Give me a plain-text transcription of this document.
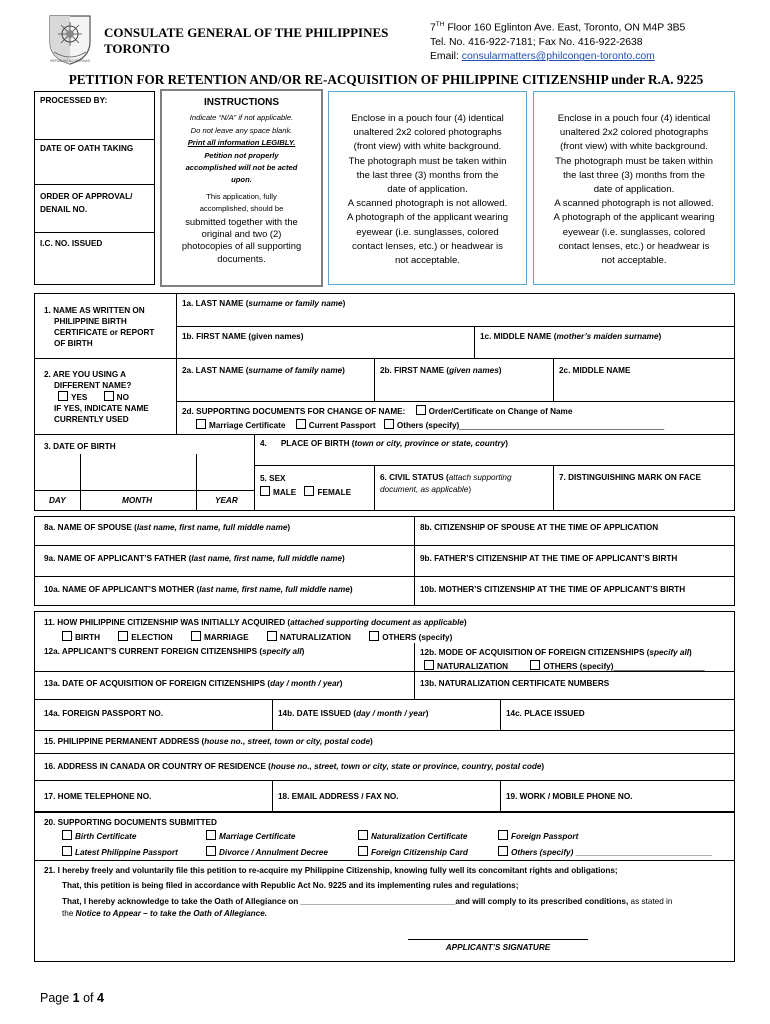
REPUBLIKA NG PILIPINAS
CONSULATE GENERAL OF THE PHILIPPINES
TORONTO
7TH Floor 160 Eglinton Ave. East, Toronto, ON M4P 3B5
Tel. No. 416-922-7181; Fax No. 416-922-2638
Email: consularmatters@philcongen-toronto.com
PETITION FOR RETENTION AND/OR RE-ACQUISITION OF PHILIPPINE CITIZENSHIP under R.A. 9225
PROCESSED BY:
DATE OF OATH TAKING
ORDER OF APPROVAL/
DENAIL NO.
I.C. NO. ISSUED
INSTRUCTIONS
Indicate “N/A” if not applicable.
Do not leave any space blank.
Print all information LEGIBLY.
Petition not properly
accomplished will not be acted
upon.
This application, fully
accomplished, should be
submitted together with the
original and two (2)
photocopies of all supporting
documents.
Enclose in a pouch four (4) identical
unaltered 2x2 colored photographs
(front view) with white background.
The photograph must be taken within
the last three (3) months from the
date of application.
A scanned photograph is not allowed.
A photograph of the applicant wearing
eyewear (i.e. sunglasses, colored
contact lenses, etc.) or headwear is
not acceptable.
Enclose in a pouch four (4) identical
unaltered 2x2 colored photographs
(front view) with white background.
The photograph must be taken within
the last three (3) months from the
date of application.
A scanned photograph is not allowed.
A photograph of the applicant wearing
eyewear (i.e. sunglasses, colored
contact lenses, etc.) or headwear is
not acceptable.
1. NAME AS WRITTEN ON
PHILIPPINE BIRTH
CERTIFICATE or REPORT
OF BIRTH
1a. LAST NAME (surname or family name)
1b. FIRST NAME (given names)	1c. MIDDLE NAME (mother’s maiden surname)
2. ARE YOU USING A
DIFFERENT NAME?
YES	NO
IF YES, INDICATE NAME
CURRENTLY USED
2a. LAST NAME (surname of family name)	2b. FIRST NAME (given names)	2c. MIDDLE NAME
2d. SUPPORTING DOCUMENTS FOR CHANGE OF NAME:	Order/Certificate on Change of Name
Marriage Certificate	Current Passport	Others (specify)_____________________________________________
3. DATE OF BIRTH
DAY	MONTH	YEAR
4. PLACE OF BIRTH (town or city, province or state, country)
5. SEX
MALE	FEMALE
6. CIVIL STATUS (attach supporting
document, as applicable)
7. DISTINGUISHING MARK ON FACE
8a. NAME OF SPOUSE (last name, first name, full middle name)	8b. CITIZENSHIP OF SPOUSE AT THE TIME OF APPLICATION
9a. NAME OF APPLICANT’S FATHER (last name, first name, full middle name)	9b. FATHER’S CITIZENSHIP AT THE TIME OF APPLICANT’S BIRTH
10a. NAME OF APPLICANT’S MOTHER (last name, first name, full middle name)	10b. MOTHER’S CITIZENSHIP AT THE TIME OF APPLICANT’S BIRTH
11. HOW PHILIPPINE CITIZENSHIP WAS INITIALLY ACQUIRED (attached supporting document as applicable)
BIRTH	ELECTION	MARRIAGE	NATURALIZATION	OTHERS (specify)
12a. APPLICANT’S CURRENT FOREIGN CITIZENSHIPS (specify all)	12b. MODE OF ACQUISITION OF FOREIGN CITIZENSHIPS (specify all)
NATURALIZATION	OTHERS (specify)____________________
13a. DATE OF ACQUISITION OF FOREIGN CITIZENSHIPS (day / month / year)	13b. NATURALIZATION CERTIFICATE NUMBERS
14a. FOREIGN PASSPORT NO.	14b. DATE ISSUED (day / month / year)	14c. PLACE ISSUED
15. PHILIPPINE PERMANENT ADDRESS (house no., street, town or city, postal code)
16. ADDRESS IN CANADA OR COUNTRY OF RESIDENCE (house no., street, town or city, state or province, country, postal code)
17. HOME TELEPHONE NO.	18. EMAIL ADDRESS / FAX NO.	19. WORK / MOBILE PHONE NO.
20. SUPPORTING DOCUMENTS SUBMITTED
Birth Certificate	Marriage Certificate	Naturalization Certificate	Foreign Passport
Latest Philippine Passport	Divorce / Annulment Decree	Foreign Citizenship Card	Others (specify) ______________________________
21. I hereby freely and voluntarily file this petition to re-acquire my Philippine Citizenship, knowing fully well its concomitant rights and obligations;
That, this petition is being filed in accordance with Republic Act No. 9225 and its implementing rules and regulations;
That, I hereby acknowledge to take the Oath of Allegiance on __________________________________and will comply to its prescribed conditions, as stated in
the Notice to Appear – to take the Oath of Allegiance.
APPLICANT’S SIGNATURE
Page 1 of 4
